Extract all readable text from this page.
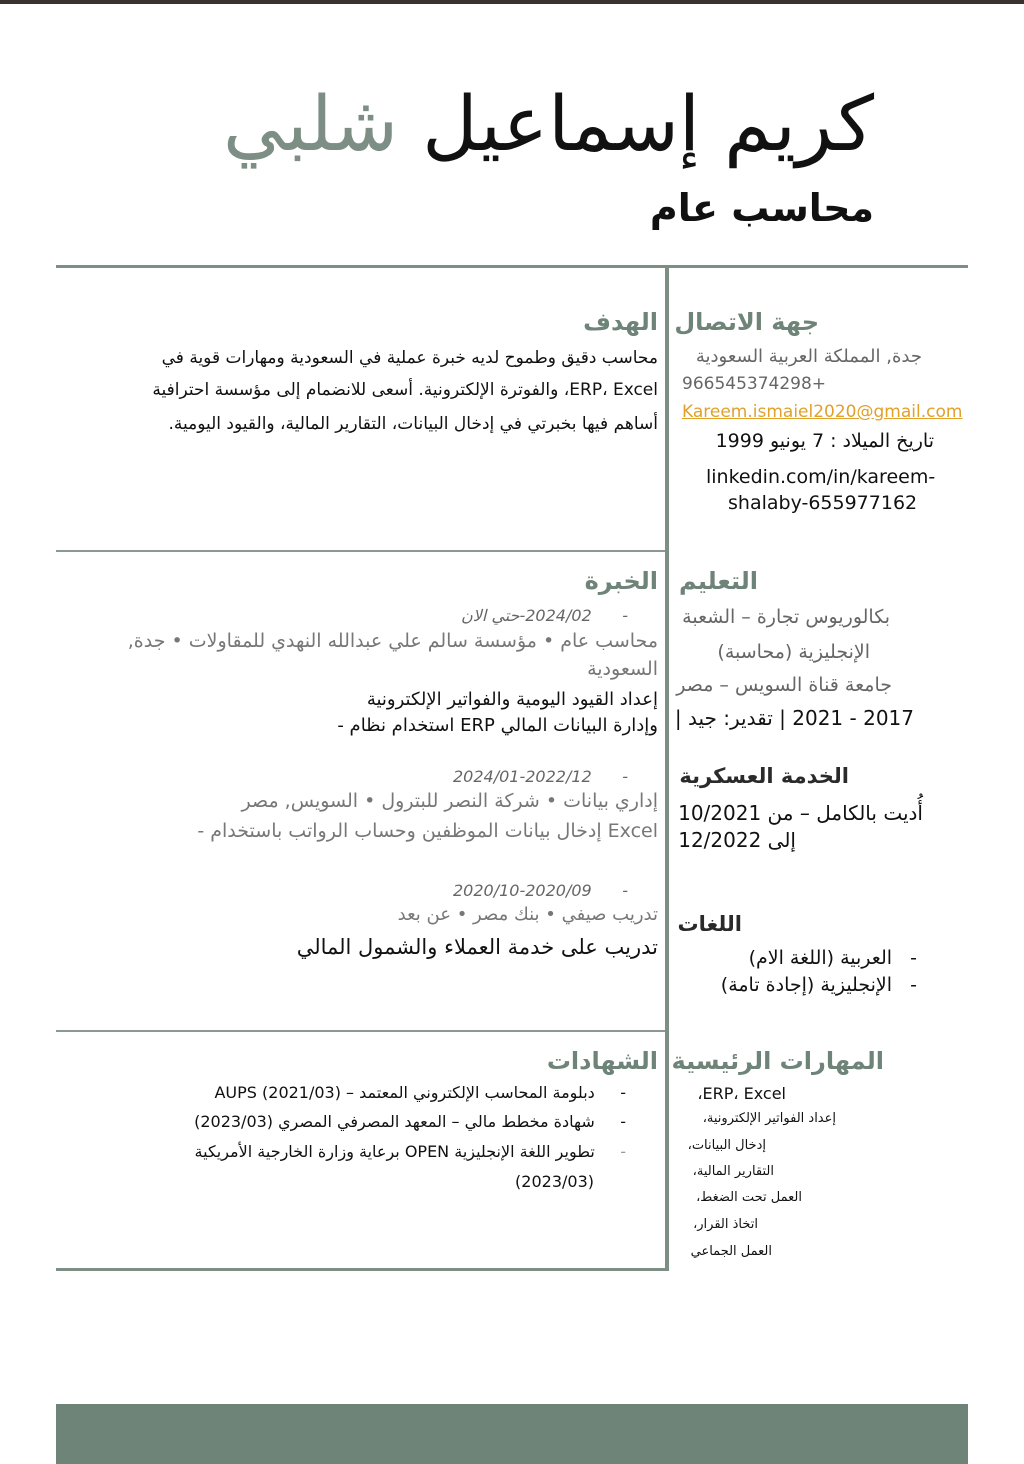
كريم إسماعيل شلبي
محاسب عام
جهة الاتصال
جدة, المملكة العربية السعودية
966545374298+
Kareem.ismaiel2020@gmail.com
تاريخ الميلاد : 7 يونيو 1999
linkedin.com/in/kareem-
shalaby-655977162
التعليم
بكالوريوس تجارة – الشعبة
الإنجليزية (محاسبة)
جامعة قناة السويس – مصر
2017 - 2021 | تقدير: جيد |
الخدمة العسكرية
أُديت بالكامل – من 10/2021
إلى 12/2022
اللغات
-   العربية (اللغة الام)
-   الإنجليزية (إجادة تامة)
المهارات الرئيسية
ERP، Excel،
إعداد الفواتير الإلكترونية،
إدخال البيانات،
التقارير المالية،
العمل تحت الضغط،
اتخاذ القرار،
العمل الجماعي
الهدف
محاسب دقيق وطموح لديه خبرة عملية في السعودية ومهارات قوية في
ERP، Excel، والفوترة الإلكترونية. أسعى للانضمام إلى مؤسسة احترافية
أساهم فيها بخبرتي في إدخال البيانات، التقارير المالية، والقيود اليومية.
الخبرة
-      2024/02-حتي الان
محاسب عام • مؤسسة سالم علي عبدالله النهدي للمقاولات • جدة,
السعودية
إعداد القيود اليومية والفواتير الإلكترونية
وإدارة البيانات المالي ERP استخدام نظام -
-      2024/01-2022/12
إداري بيانات • شركة النصر للبترول • السويس, مصر
Excel إدخال بيانات الموظفين وحساب الرواتب باستخدام -
-      2020/10-2020/09
تدريب صيفي • بنك مصر • عن بعد
تدريب على خدمة العملاء والشمول المالي
الشهادات
-     دبلومة المحاسب الإلكتروني المعتمد – AUPS (2021/03)
-     شهادة مخطط مالي – المعهد المصرفي المصري (2023/03)
-     تطوير اللغة الإنجليزية OPEN برعاية وزارة الخارجية الأمريكية
(2023/03)
